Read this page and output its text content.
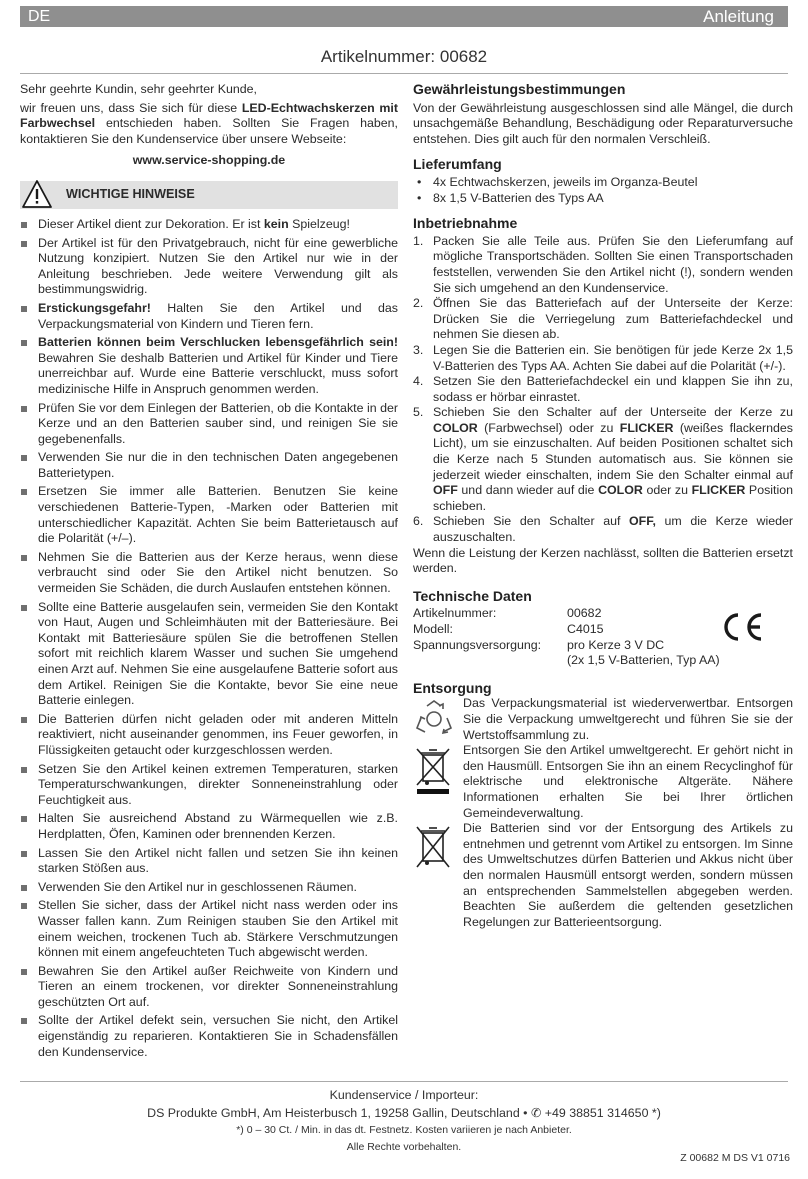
DE	Anleitung
Artikelnummer: 00682

Sehr geehrte Kundin, sehr geehrter Kunde,

wir freuen uns, dass Sie sich für diese LED-Echtwachskerzen mit Farbwechsel entschieden haben. Sollten Sie Fragen haben, kontaktieren Sie den Kundenservice über unsere Webseite:

www.service-shopping.de

WICHTIGE HINWEISE
Dieser Artikel dient zur Dekoration. Er ist kein Spielzeug!
Der Artikel ist für den Privatgebrauch, nicht für eine gewerbliche Nutzung konzipiert. Nutzen Sie den Artikel nur wie in der Anleitung beschrieben. Jede weitere Verwendung gilt als bestimmungswidrig.
Erstickungsgefahr! Halten Sie den Artikel und das Verpackungsmaterial von Kindern und Tieren fern.
Batterien können beim Verschlucken lebensgefährlich sein! Bewahren Sie deshalb Batterien und Artikel für Kinder und Tiere unerreichbar auf. Wurde eine Batterie verschluckt, muss sofort medizinische Hilfe in Anspruch genommen werden.
Prüfen Sie vor dem Einlegen der Batterien, ob die Kontakte in der Kerze und an den Batterien sauber sind, und reinigen Sie sie gegebenenfalls.
Verwenden Sie nur die in den technischen Daten angegebenen Batterietypen.
Ersetzen Sie immer alle Batterien. Benutzen Sie keine verschiedenen Batterie-Typen, -Marken oder Batterien mit unterschiedlicher Kapazität. Achten Sie beim Batterietausch auf die Polarität (+/–).
Nehmen Sie die Batterien aus der Kerze heraus, wenn diese verbraucht sind oder Sie den Artikel nicht benutzen. So vermeiden Sie Schäden, die durch Auslaufen entstehen können.
Sollte eine Batterie ausgelaufen sein, vermeiden Sie den Kontakt von Haut, Augen und Schleimhäuten mit der Batteriesäure. Bei Kontakt mit Batteriesäure spülen Sie die betroffenen Stellen sofort mit reichlich klarem Wasser und suchen Sie umgehend einen Arzt auf. Nehmen Sie eine ausgelaufene Batterie sofort aus dem Artikel. Reinigen Sie die Kontakte, bevor Sie eine neue Batterie einlegen.
Die Batterien dürfen nicht geladen oder mit anderen Mitteln reaktiviert, nicht auseinander genommen, ins Feuer geworfen, in Flüssigkeiten getaucht oder kurzgeschlossen werden.
Setzen Sie den Artikel keinen extremen Temperaturen, starken Temperaturschwankungen, direkter Sonneneinstrahlung oder Feuchtigkeit aus.
Halten Sie ausreichend Abstand zu Wärmequellen wie z.B. Herdplatten, Öfen, Kaminen oder brennenden Kerzen.
Lassen Sie den Artikel nicht fallen und setzen Sie ihn keinen starken Stößen aus.
Verwenden Sie den Artikel nur in geschlossenen Räumen.
Stellen Sie sicher, dass der Artikel nicht nass werden oder ins Wasser fallen kann. Zum Reinigen stauben Sie den Artikel mit einem weichen, trockenen Tuch ab. Stärkere Verschmutzungen können mit einem angefeuchteten Tuch abgewischt werden.
Bewahren Sie den Artikel außer Reichweite von Kindern und Tieren an einem trockenen, vor direkter Sonneneinstrahlung geschützten Ort auf.
Sollte der Artikel defekt sein, versuchen Sie nicht, den Artikel eigenständig zu reparieren. Kontaktieren Sie in Schadensfällen den Kundenservice.
Gewährleistungsbestimmungen

Von der Gewährleistung ausgeschlossen sind alle Mängel, die durch unsachgemäße Behandlung, Beschädigung oder Reparaturversuche entstehen. Dies gilt auch für den normalen Verschleiß.

Lieferumfang
• 4x Echtwachskerzen, jeweils im Organza-Beutel
• 8x 1,5 V-Batterien des Typs AA
Inbetriebnahme
1. Packen Sie alle Teile aus. Prüfen Sie den Lieferumfang auf mögliche Transportschäden. Sollten Sie einen Transportschaden feststellen, verwenden Sie den Artikel nicht (!), sondern wenden Sie sich umgehend an den Kundenservice.
2. Öffnen Sie das Batteriefach auf der Unterseite der Kerze: Drücken Sie die Verriegelung zum Batteriefachdeckel und nehmen Sie diesen ab.
3. Legen Sie die Batterien ein. Sie benötigen für jede Kerze 2x 1,5 V-Batterien des Typs AA. Achten Sie dabei auf die Polarität (+/-).
4. Setzen Sie den Batteriefachdeckel ein und klappen Sie ihn zu, sodass er hörbar einrastet.
5. Schieben Sie den Schalter auf der Unterseite der Kerze zu COLOR (Farbwechsel) oder zu FLICKER (weißes flackerndes Licht), um sie einzuschalten. Auf beiden Positionen schaltet sich die Kerze nach 5 Stunden automatisch aus. Sie können sie jederzeit wieder einschalten, indem Sie den Schalter einmal auf OFF und dann wieder auf die COLOR oder zu FLICKER Position schieben.
6. Schieben Sie den Schalter auf OFF, um die Kerze wieder auszuschalten.

Wenn die Leistung der Kerzen nachlässt, sollten die Batterien ersetzt werden.

Technische Daten
Artikelnummer:	00682
Modell:	C4015
Spannungsversorgung:	pro Kerze 3 V DC
(2x 1,5 V-Batterien, Typ AA)
Entsorgung
Das Verpackungsmaterial ist wiederverwertbar. Entsorgen Sie die Verpackung umweltgerecht und führen Sie sie der Wertstoffsammlung zu.
Entsorgen Sie den Artikel umweltgerecht. Er gehört nicht in den Hausmüll. Entsorgen Sie ihn an einem Recyclinghof für elektrische und elektronische Altgeräte. Nähere Informationen erhalten Sie bei Ihrer örtlichen Gemeindeverwaltung.
Die Batterien sind vor der Entsorgung des Artikels zu entnehmen und getrennt vom Artikel zu entsorgen. Im Sinne des Umweltschutzes dürfen Batterien und Akkus nicht über den normalen Hausmüll entsorgt werden, sondern müssen an entsprechenden Sammelstellen abgegeben werden. Beachten Sie außerdem die geltenden gesetzlichen Regelungen zur Batterieentsorgung.
Kundenservice / Importeur:
DS Produkte GmbH, Am Heisterbusch 1, 19258 Gallin, Deutschland • ✆ +49 38851 314650 *)
*) 0 – 30 Ct. / Min. in das dt. Festnetz. Kosten variieren je nach Anbieter.
Alle Rechte vorbehalten.
Z 00682 M DS V1 0716
